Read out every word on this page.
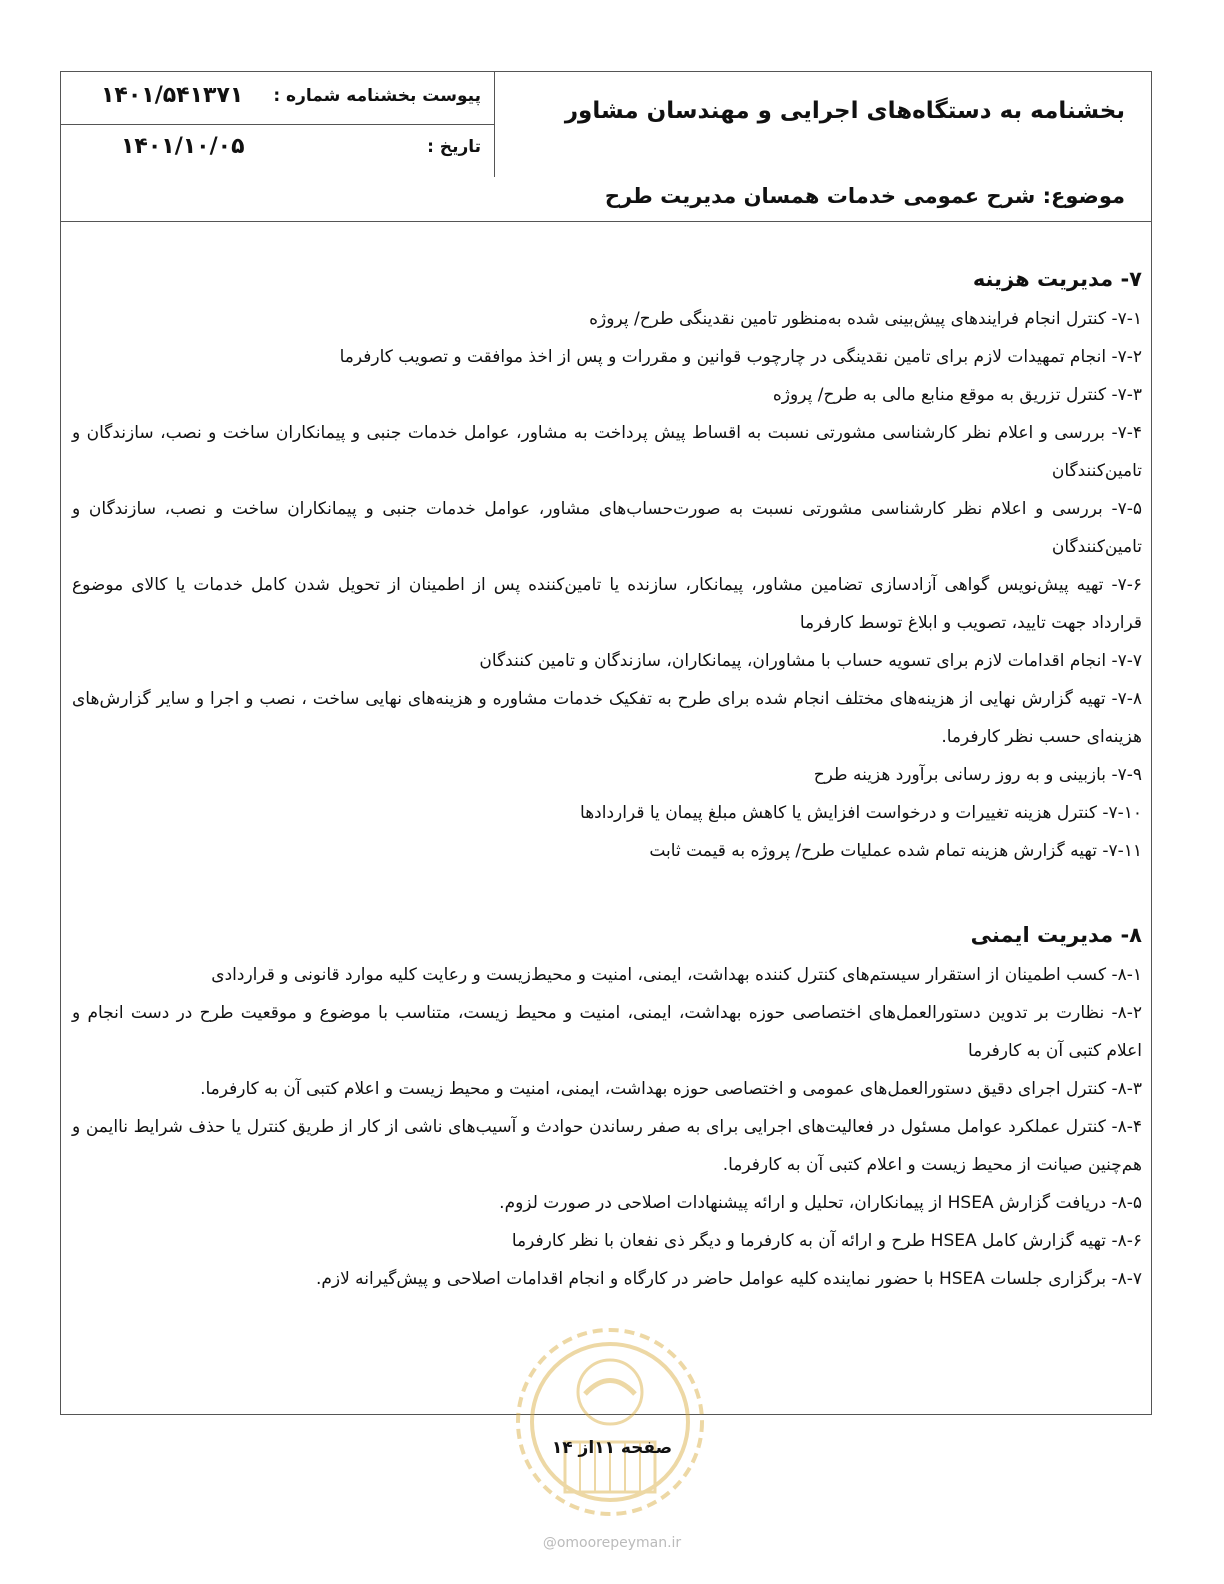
بخشنامه به دستگاه‌های اجرایی و مهندسان مشاور
پیوست بخشنامه شماره :
۱۴۰۱/۵۴۱۳۷۱
تاریخ :
۱۴۰۱/۱۰/۰۵
موضوع: شرح عمومی خدمات همسان مدیریت طرح
۷- مدیریت هزینه

۷-۱- کنترل انجام فرایندهای پیش‌بینی شده به‌منظور تامین نقدینگی طرح/ پروژه

۷-۲- انجام تمهیدات لازم برای تامین نقدینگی در چارچوب قوانین و مقررات و پس از اخذ موافقت و تصویب کارفرما

۷-۳- کنترل تزریق به موقع منابع مالی به طرح/ پروژه

۷-۴- بررسی و اعلام نظر کارشناسی مشورتی نسبت به اقساط پیش پرداخت به مشاور، عوامل خدمات جنبی و پیمانکاران ساخت و نصب، سازندگان و تامین‌کنندگان

۷-۵- بررسی و اعلام نظر کارشناسی مشورتی نسبت به صورت‌حساب‌های مشاور، عوامل خدمات جنبی و پیمانکاران ساخت و نصب، سازندگان و تامین‌کنندگان

۷-۶- تهیه پیش‌نویس گواهی آزادسازی تضامین مشاور، پیمانکار، سازنده یا تامین‌کننده پس از اطمینان از تحویل شدن کامل خدمات یا کالای موضوع قرارداد جهت تایید، تصویب و ابلاغ توسط کارفرما

۷-۷- انجام اقدامات لازم برای تسویه حساب با مشاوران، پیمانکاران، سازندگان و تامین کنندگان

۷-۸- تهیه گزارش نهایی از هزینه‌های مختلف انجام شده برای طرح به تفکیک خدمات مشاوره و هزینه‌های نهایی ساخت ، نصب و اجرا و سایر گزارش‌های هزینه‌ای حسب نظر کارفرما.

۷-۹- بازبینی و به روز رسانی برآورد هزینه طرح

۷-۱۰- کنترل هزینه تغییرات و درخواست افزایش یا کاهش مبلغ پیمان یا قراردادها

۷-۱۱- تهیه گزارش هزینه تمام شده عملیات طرح/ پروژه به قیمت ثابت

۸- مدیریت ایمنی

۸-۱- کسب اطمینان از استقرار سیستم‌های کنترل کننده بهداشت، ایمنی، امنیت و محیط‌زیست و رعایت کلیه موارد قانونی و قراردادی

۸-۲- نظارت بر تدوین دستورالعمل‌های اختصاصی حوزه بهداشت، ایمنی، امنیت و محیط زیست، متناسب با موضوع و موقعیت طرح در دست انجام و اعلام کتبی آن به کارفرما

۸-۳- کنترل اجرای دقیق دستورالعمل‌های عمومی و اختصاصی حوزه بهداشت، ایمنی، امنیت و محیط زیست و اعلام کتبی آن به کارفرما.

۸-۴- کنترل عملکرد عوامل مسئول در فعالیت‌های اجرایی برای به صفر رساندن حوادث و آسیب‌های ناشی از کار از طریق کنترل یا حذف شرایط ناایمن و هم‌چنین صیانت از محیط زیست و اعلام کتبی آن به کارفرما.

۸-۵- دریافت گزارش HSEA از پیمانکاران، تحلیل و ارائه پیشنهادات اصلاحی در صورت لزوم.

۸-۶- تهیه گزارش کامل HSEA طرح و ارائه آن به کارفرما و دیگر ذی نفعان با نظر کارفرما

۸-۷- برگزاری جلسات HSEA با حضور نماینده کلیه عوامل حاضر در کارگاه و انجام اقدامات اصلاحی و پیش‌گیرانه لازم.

صفحه ۱۱از ۱۴
@omoorepeyman.ir
